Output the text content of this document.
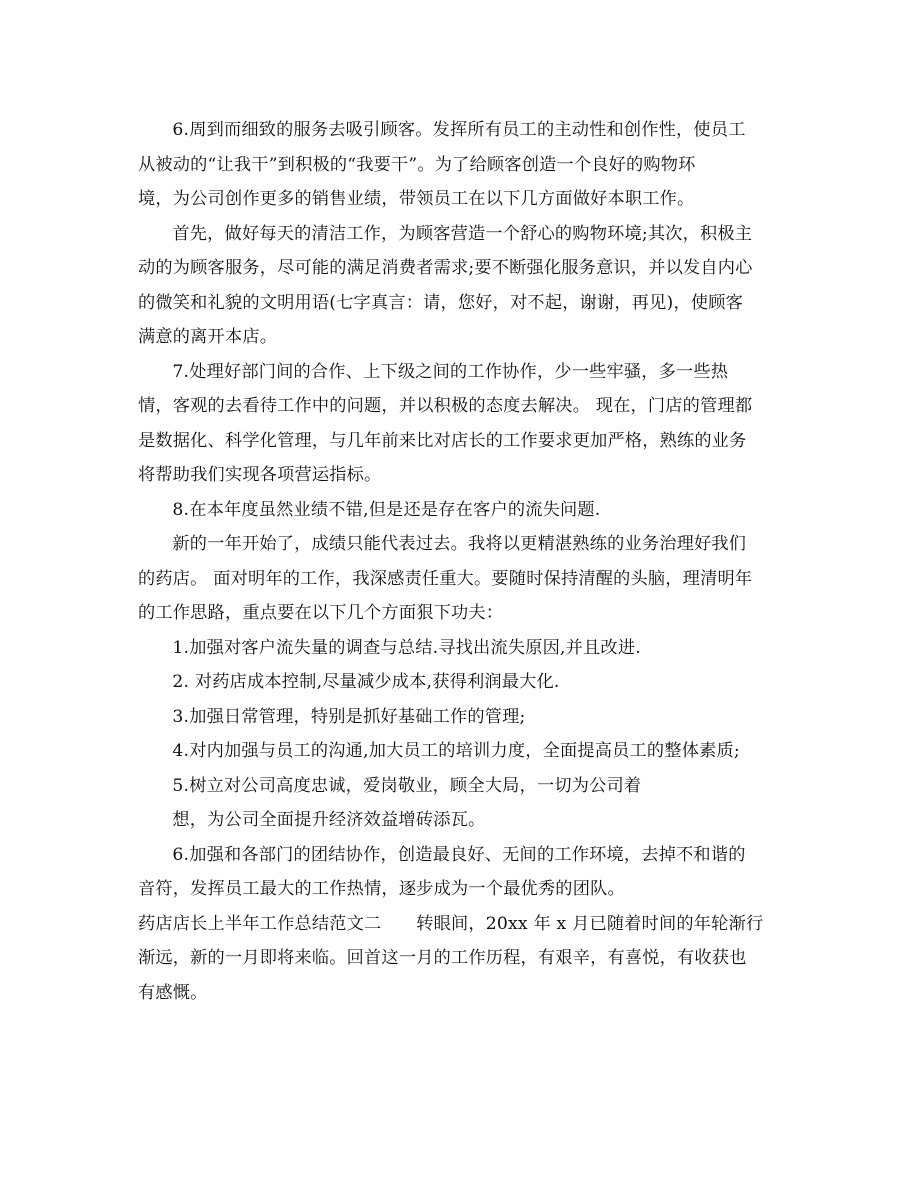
6.周到而细致的服务去吸引顾客。发挥所有员工的主动性和创作性，使员工
从被动的“让我干”到积极的“我要干”。为了给顾客创造一个良好的购物环
境，为公司创作更多的销售业绩，带领员工在以下几方面做好本职工作。
首先，做好每天的清洁工作，为顾客营造一个舒心的购物环境;其次，积极主
动的为顾客服务，尽可能的满足消费者需求;要不断强化服务意识，并以发自内心
的微笑和礼貌的文明用语(七字真言：请，您好，对不起，谢谢，再见)，使顾客
满意的离开本店。
7.处理好部门间的合作、上下级之间的工作协作，少一些牢骚，多一些热
情，客观的去看待工作中的问题，并以积极的态度去解决。 现在，门店的管理都
是数据化、科学化管理，与几年前来比对店长的工作要求更加严格，熟练的业务
将帮助我们实现各项营运指标。
8.在本年度虽然业绩不错,但是还是存在客户的流失问题.
新的一年开始了，成绩只能代表过去。我将以更精湛熟练的业务治理好我们
的药店。 面对明年的工作，我深感责任重大。要随时保持清醒的头脑，理清明年
的工作思路，重点要在以下几个方面狠下功夫：
1.加强对客户流失量的调查与总结.寻找出流失原因,并且改进.
2. 对药店成本控制,尽量减少成本,获得利润最大化.
3.加强日常管理，特别是抓好基础工作的管理;
4.对内加强与员工的沟通,加大员工的培训力度，全面提高员工的整体素质;
5.树立对公司高度忠诚，爱岗敬业，顾全大局，一切为公司着
想，为公司全面提升经济效益增砖添瓦。
6.加强和各部门的团结协作，创造最良好、无间的工作环境，去掉不和谐的
音符，发挥员工最大的工作热情，逐步成为一个最优秀的团队。
药店店长上半年工作总结范文二　　转眼间，20xx 年 x 月已随着时间的年轮渐行
渐远，新的一月即将来临。回首这一月的工作历程，有艰辛，有喜悦，有收获也
有感慨。
